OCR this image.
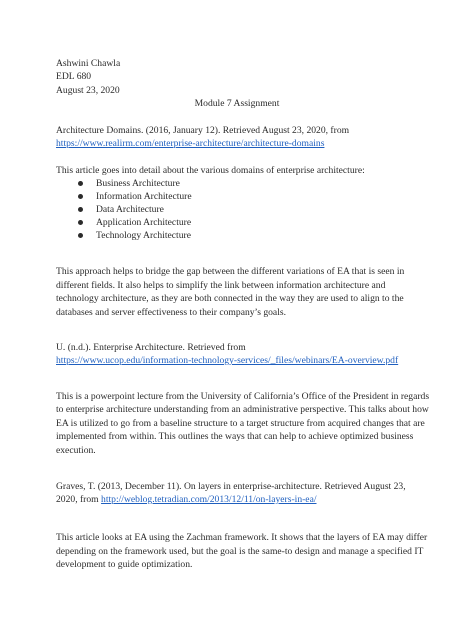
Ashwini Chawla
EDL 680
August 23, 2020
Module 7 Assignment
Architecture Domains. (2016, January 12). Retrieved August 23, 2020, from
https://www.realirm.com/enterprise-architecture/architecture-domains
This article goes into detail about the various domains of enterprise architecture:
Business Architecture
Information Architecture
Data Architecture
Application Architecture
Technology Architecture
This approach helps to bridge the gap between the different variations of EA that is seen in
different fields. It also helps to simplify the link between information architecture and
technology architecture, as they are both connected in the way they are used to align to the
databases and server effectiveness to their company’s goals.
U. (n.d.). Enterprise Architecture. Retrieved from
https://www.ucop.edu/information-technology-services/_files/webinars/EA-overview.pdf
This is a powerpoint lecture from the University of California’s Office of the President in regards
to enterprise architecture understanding from an administrative perspective. This talks about how
EA is utilized to go from a baseline structure to a target structure from acquired changes that are
implemented from within. This outlines the ways that can help to achieve optimized business
execution.
Graves, T. (2013, December 11). On layers in enterprise-architecture. Retrieved August 23,
2020, from http://weblog.tetradian.com/2013/12/11/on-layers-in-ea/
This article looks at EA using the Zachman framework. It shows that the layers of EA may differ
depending on the framework used, but the goal is the same-to design and manage a specified IT
development to guide optimization.
